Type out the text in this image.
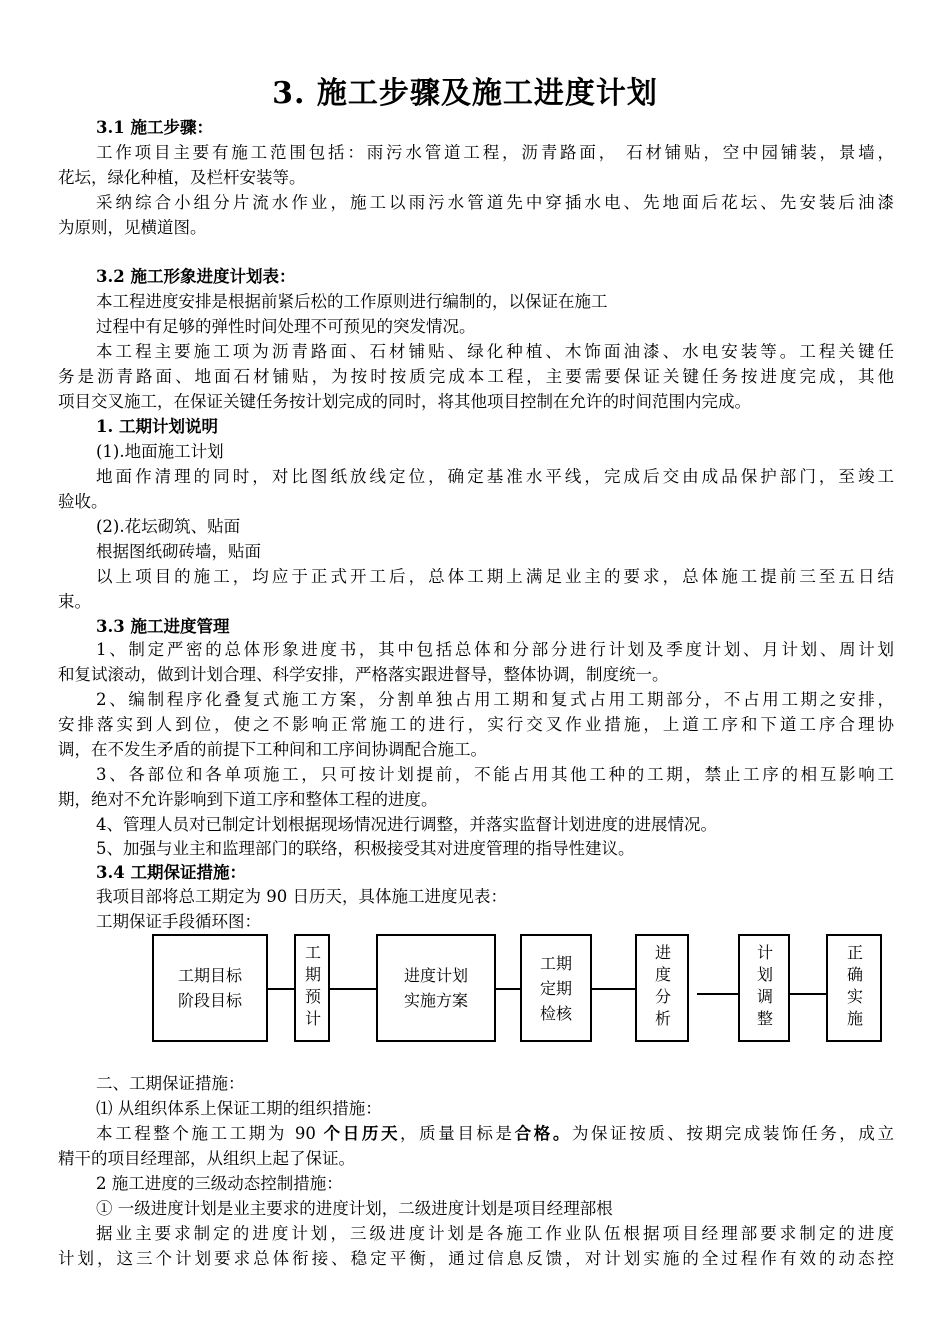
3. 施工步骤及施工进度计划
3.1 施工步骤：
工作项目主要有施工范围包括：雨污水管道工程，沥青路面， 石材铺贴，空中园铺装，景墙，
花坛，绿化种植，及栏杆安装等。
采纳综合小组分片流水作业，施工以雨污水管道先中穿插水电、先地面后花坛、先安装后油漆
为原则，见横道图。
3.2 施工形象进度计划表：
本工程进度安排是根据前紧后松的工作原则进行编制的，以保证在施工
过程中有足够的弹性时间处理不可预见的突发情况。
本工程主要施工项为沥青路面、石材铺贴、绿化种植、木饰面油漆、水电安装等。工程关键任
务是沥青路面、地面石材铺贴，为按时按质完成本工程，主要需要保证关键任务按进度完成，其他
项目交叉施工，在保证关键任务按计划完成的同时，将其他项目控制在允许的时间范围内完成。
1. 工期计划说明
(1).地面施工计划
地面作清理的同时，对比图纸放线定位，确定基准水平线，完成后交由成品保护部门，至竣工
验收。
(2).花坛砌筑、贴面
根据图纸砌砖墙，贴面
以上项目的施工，均应于正式开工后，总体工期上满足业主的要求，总体施工提前三至五日结
束。
3.3 施工进度管理
1、制定严密的总体形象进度书，其中包括总体和分部分进行计划及季度计划、月计划、周计划
和复试滚动，做到计划合理、科学安排，严格落实跟进督导，整体协调，制度统一。
2、编制程序化叠复式施工方案，分割单独占用工期和复式占用工期部分，不占用工期之安排，
安排落实到人到位，使之不影响正常施工的进行，实行交叉作业措施，上道工序和下道工序合理协
调，在不发生矛盾的前提下工种间和工序间协调配合施工。
3、各部位和各单项施工，只可按计划提前，不能占用其他工种的工期，禁止工序的相互影响工
期，绝对不允许影响到下道工序和整体工程的进度。
4、管理人员对已制定计划根据现场情况进行调整，并落实监督计划进度的进展情况。
5、加强与业主和监理部门的联络，积极接受其对进度管理的指导性建议。
3.4 工期保证措施：
我项目部将总工期定为 90 日历天，具体施工进度见表：
工期保证手段循环图：
工期目标
阶段目标	工期预计	进度计划
实施方案
工期
定期
检核	进度分析	计划调整	正确实施
二、工期保证措施：
⑴ 从组织体系上保证工期的组织措施：
本工程整个施工工期为 90 个日历天，质量目标是合格。为保证按质、按期完成装饰任务，成立
精干的项目经理部，从组织上起了保证。
2 施工进度的三级动态控制措施：
① 一级进度计划是业主要求的进度计划，二级进度计划是项目经理部根
据业主要求制定的进度计划，三级进度计划是各施工作业队伍根据项目经理部要求制定的进度
计划，这三个计划要求总体衔接、稳定平衡，通过信息反馈，对计划实施的全过程作有效的动态控
